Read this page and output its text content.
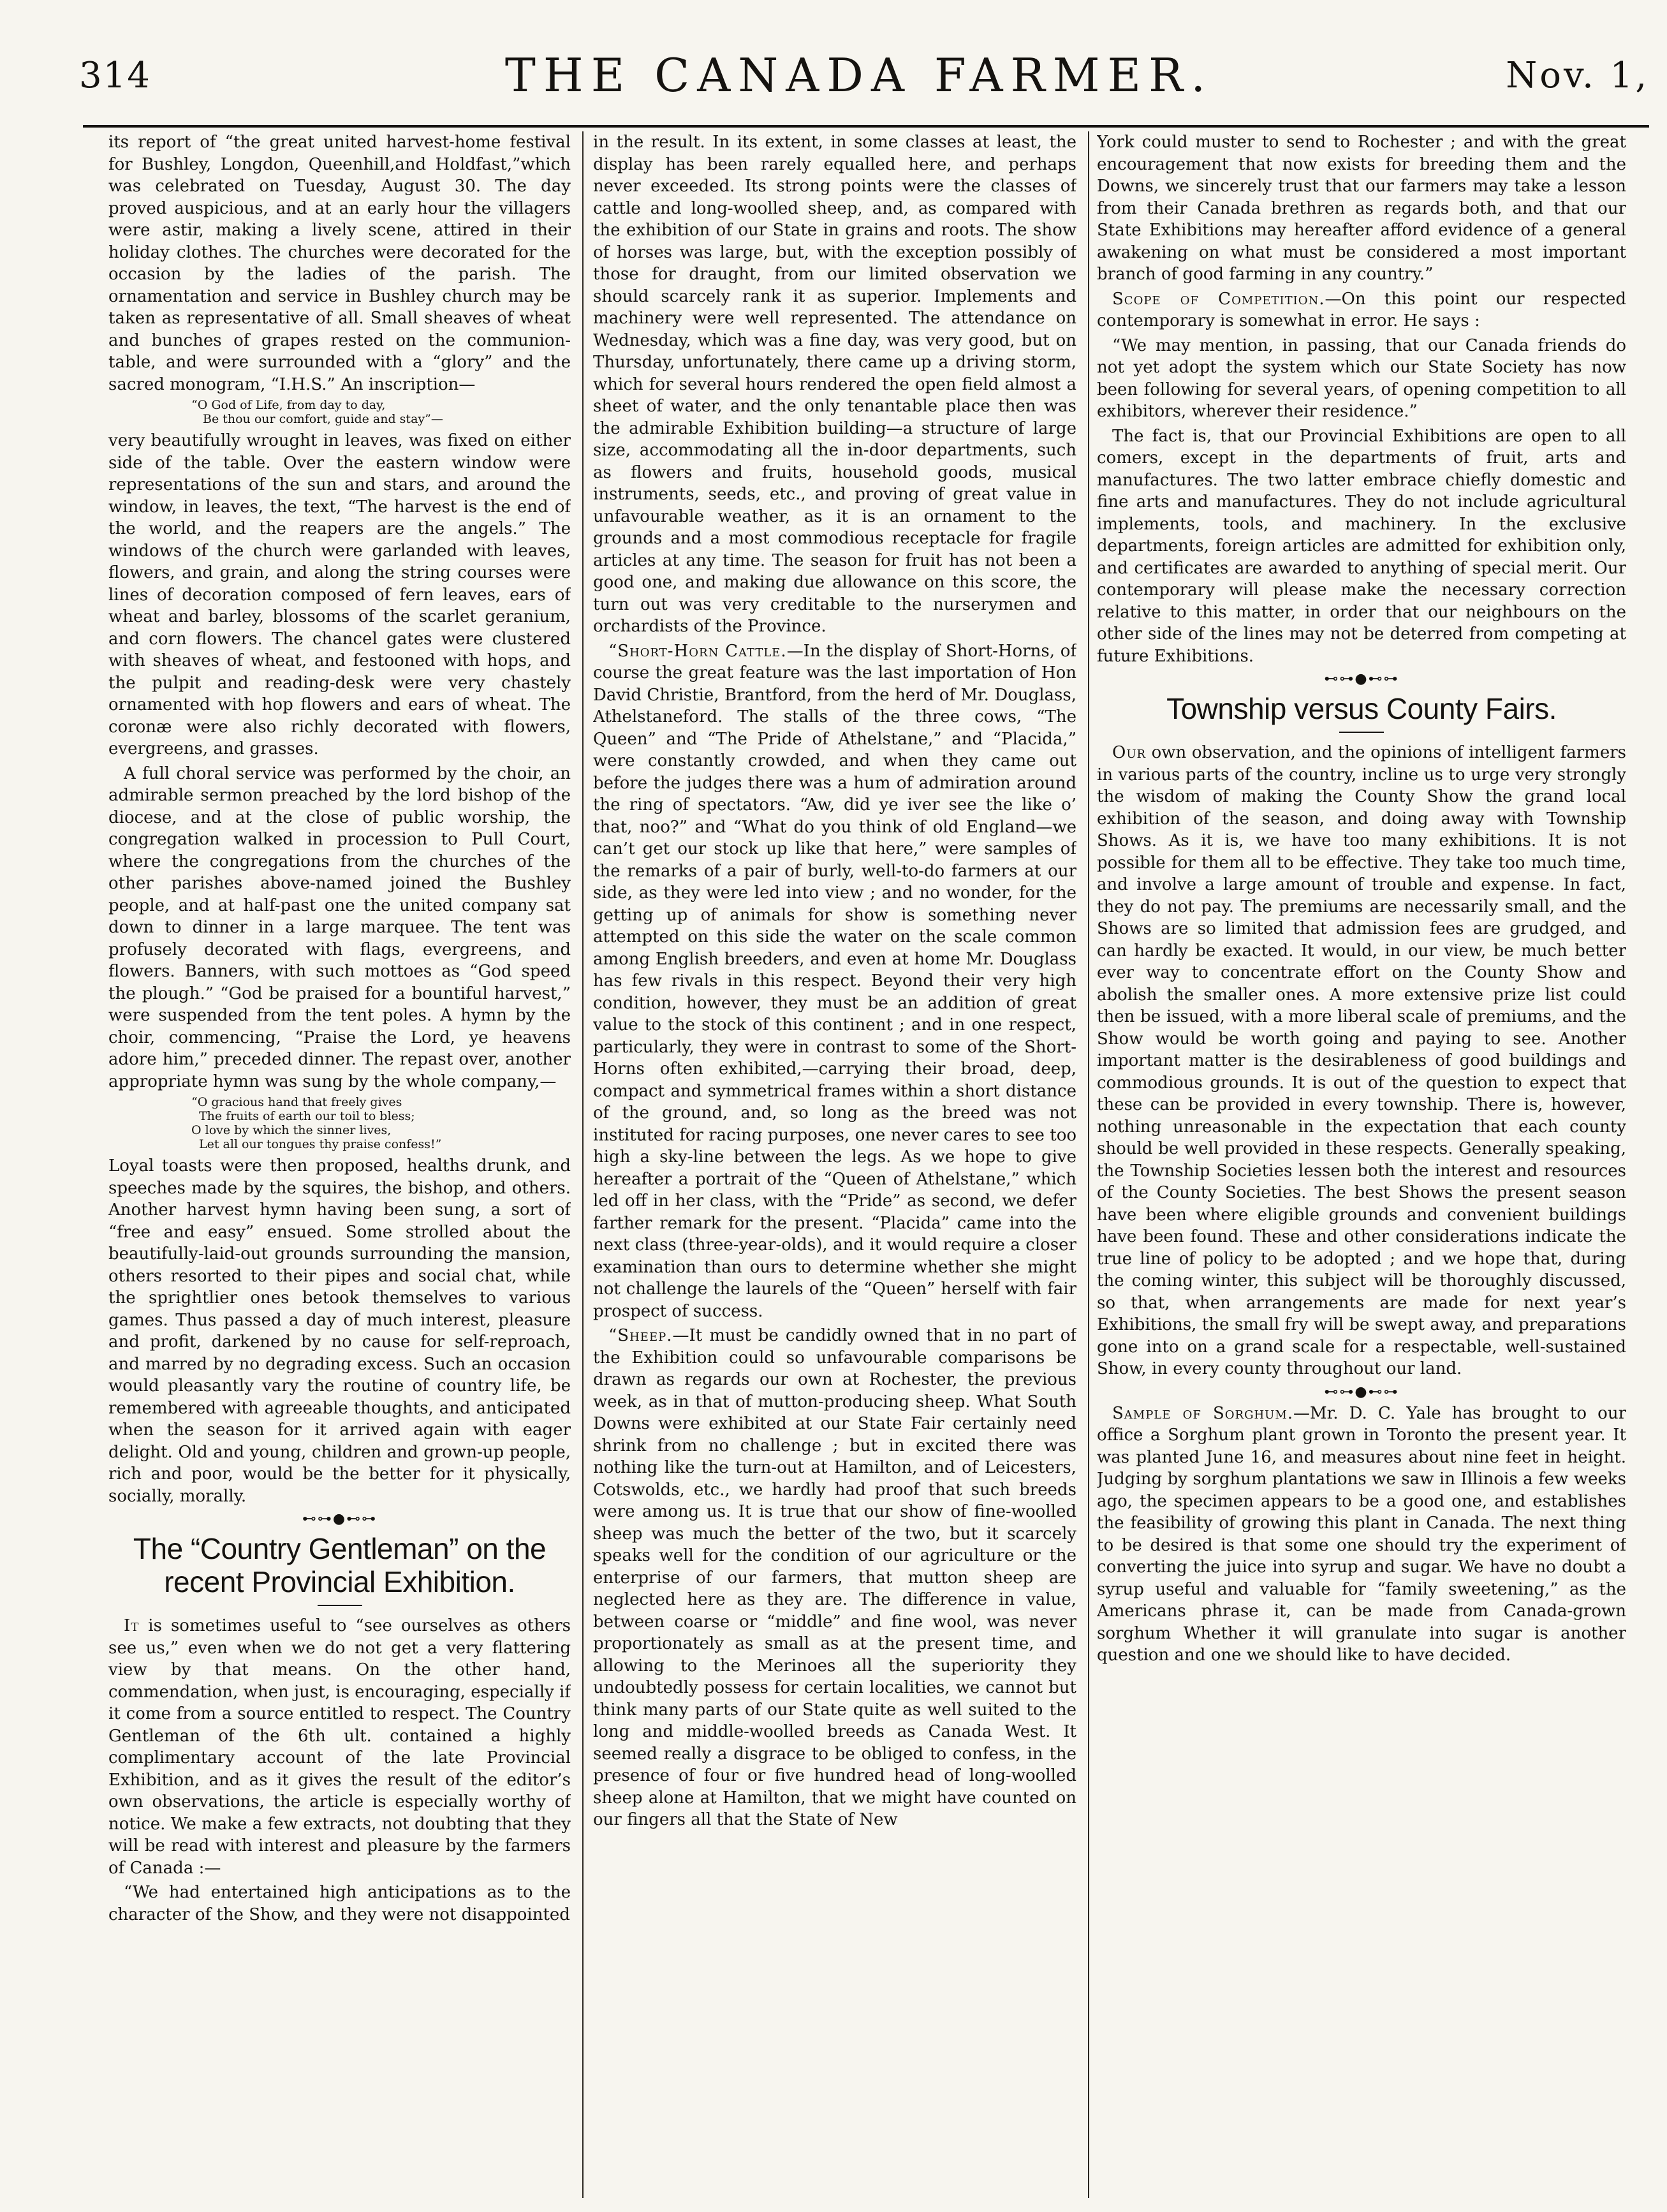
314	THE CANADA FARMER.	Nov. 1,

its report of “the great united harvest-home festival for Bushley, Longdon, Queenhill,and Holdfast,”which was celebrated on Tuesday, August 30. The day proved auspicious, and at an early hour the villagers were astir, making a lively scene, attired in their holiday clothes. The churches were decorated for the occasion by the ladies of the parish. The ornamentation and service in Bushley church may be taken as representative of all. Small sheaves of wheat and bunches of grapes rested on the communion-table, and were surrounded with a “glory” and the sacred monogram, “I.H.S.” An inscription—

“O God of Life, from day to day,
Be thou our comfort, guide and stay”—

very beautifully wrought in leaves, was fixed on either side of the table. Over the eastern window were representations of the sun and stars, and around the window, in leaves, the text, “The harvest is the end of the world, and the reapers are the angels.” The windows of the church were garlanded with leaves, flowers, and grain, and along the string courses were lines of decoration composed of fern leaves, ears of wheat and barley, blossoms of the scarlet geranium, and corn flowers. The chancel gates were clustered with sheaves of wheat, and festooned with hops, and the pulpit and reading-desk were very chastely ornamented with hop flowers and ears of wheat. The coronæ were also richly decorated with flowers, evergreens, and grasses.

A full choral service was performed by the choir, an admirable sermon preached by the lord bishop of the diocese, and at the close of public worship, the congregation walked in procession to Pull Court, where the congregations from the churches of the other parishes above-named joined the Bushley people, and at half-past one the united company sat down to dinner in a large marquee. The tent was profusely decorated with flags, evergreens, and flowers. Banners, with such mottoes as “God speed the plough.” “God be praised for a bountiful harvest,” were suspended from the tent poles. A hymn by the choir, commencing, “Praise the Lord, ye heavens adore him,” preceded dinner. The repast over, another appropriate hymn was sung by the whole company,—

“O gracious hand that freely gives
The fruits of earth our toil to bless;
O love by which the sinner lives,
Let all our tongues thy praise confess!”

Loyal toasts were then proposed, healths drunk, and speeches made by the squires, the bishop, and others. Another harvest hymn having been sung, a sort of “free and easy” ensued. Some strolled about the beautifully-laid-out grounds surrounding the mansion, others resorted to their pipes and social chat, while the sprightlier ones betook themselves to various games. Thus passed a day of much interest, pleasure and profit, darkened by no cause for self-reproach, and marred by no degrading excess. Such an occasion would pleasantly vary the routine of country life, be remembered with agreeable thoughts, and anticipated when the season for it arrived again with eager delight. Old and young, children and grown-up people, rich and poor, would be the better for it physically, socially, morally.

⊷⊶●⊷⊶
The “Country Gentleman” on the recent Provincial Exhibition.

It is sometimes useful to “see ourselves as others see us,” even when we do not get a very flattering view by that means. On the other hand, commendation, when just, is encouraging, especially if it come from a source entitled to respect. The Country Gentleman of the 6th ult. contained a highly complimentary account of the late Provincial Exhibition, and as it gives the result of the editor’s own observations, the article is especially worthy of notice. We make a few extracts, not doubting that they will be read with interest and pleasure by the farmers of Canada :—

“We had entertained high anticipations as to the character of the Show, and they were not disappointed

in the result. In its extent, in some classes at least, the display has been rarely equalled here, and perhaps never exceeded. Its strong points were the classes of cattle and long-woolled sheep, and, as compared with the exhibition of our State in grains and roots. The show of horses was large, but, with the exception possibly of those for draught, from our limited observation we should scarcely rank it as superior. Implements and machinery were well represented. The attendance on Wednesday, which was a fine day, was very good, but on Thursday, unfortunately, there came up a driving storm, which for several hours rendered the open field almost a sheet of water, and the only tenantable place then was the admirable Exhibition building—a structure of large size, accommodating all the in-door departments, such as flowers and fruits, household goods, musical instruments, seeds, etc., and proving of great value in unfavourable weather, as it is an ornament to the grounds and a most commodious receptacle for fragile articles at any time. The season for fruit has not been a good one, and making due allowance on this score, the turn out was very creditable to the nurserymen and orchardists of the Province.

“Short-Horn Cattle.—In the display of Short-Horns, of course the great feature was the last importation of Hon David Christie, Brantford, from the herd of Mr. Douglass, Athelstaneford. The stalls of the three cows, “The Queen” and “The Pride of Athelstane,” and “Placida,” were constantly crowded, and when they came out before the judges there was a hum of admiration around the ring of spectators. “Aw, did ye iver see the like o’ that, noo?” and “What do you think of old England—we can’t get our stock up like that here,” were samples of the remarks of a pair of burly, well-to-do farmers at our side, as they were led into view ; and no wonder, for the getting up of animals for show is something never attempted on this side the water on the scale common among English breeders, and even at home Mr. Douglass has few rivals in this respect. Beyond their very high condition, however, they must be an addition of great value to the stock of this continent ; and in one respect, particularly, they were in contrast to some of the Short-Horns often exhibited,—carrying their broad, deep, compact and symmetrical frames within a short distance of the ground, and, so long as the breed was not instituted for racing purposes, one never cares to see too high a sky-line between the legs. As we hope to give hereafter a portrait of the “Queen of Athelstane,” which led off in her class, with the “Pride” as second, we defer farther remark for the present. “Placida” came into the next class (three-year-olds), and it would require a closer examination than ours to determine whether she might not challenge the laurels of the “Queen” herself with fair prospect of success.

“Sheep.—It must be candidly owned that in no part of the Exhibition could so unfavourable comparisons be drawn as regards our own at Rochester, the previous week, as in that of mutton-producing sheep. What South Downs were exhibited at our State Fair certainly need shrink from no challenge ; but in excited there was nothing like the turn-out at Hamilton, and of Leicesters, Cotswolds, etc., we hardly had proof that such breeds were among us. It is true that our show of fine-woolled sheep was much the better of the two, but it scarcely speaks well for the condition of our agriculture or the enterprise of our farmers, that mutton sheep are neglected here as they are. The difference in value, between coarse or “middle” and fine wool, was never proportionately as small as at the present time, and allowing to the Merinoes all the superiority they undoubtedly possess for certain localities, we cannot but think many parts of our State quite as well suited to the long and middle-woolled breeds as Canada West. It seemed really a disgrace to be obliged to confess, in the presence of four or five hundred head of long-woolled sheep alone at Hamilton, that we might have counted on our fingers all that the State of New

York could muster to send to Rochester ; and with the great encouragement that now exists for breeding them and the Downs, we sincerely trust that our farmers may take a lesson from their Canada brethren as regards both, and that our State Exhibitions may hereafter afford evidence of a general awakening on what must be considered a most important branch of good farming in any country.”

Scope of Competition.—On this point our respected contemporary is somewhat in error. He says :

“We may mention, in passing, that our Canada friends do not yet adopt the system which our State Society has now been following for several years, of opening competition to all exhibitors, wherever their residence.”

The fact is, that our Provincial Exhibitions are open to all comers, except in the departments of fruit, arts and manufactures. The two latter embrace chiefly domestic and fine arts and manufactures. They do not include agricultural implements, tools, and machinery. In the exclusive departments, foreign articles are admitted for exhibition only, and certificates are awarded to anything of special merit. Our contemporary will please make the necessary correction relative to this matter, in order that our neighbours on the other side of the lines may not be deterred from competing at future Exhibitions.

⊷⊶●⊷⊶
Township versus County Fairs.

Our own observation, and the opinions of intelligent farmers in various parts of the country, incline us to urge very strongly the wisdom of making the County Show the grand local exhibition of the season, and doing away with Township Shows. As it is, we have too many exhibitions. It is not possible for them all to be effective. They take too much time, and involve a large amount of trouble and expense. In fact, they do not pay. The premiums are necessarily small, and the Shows are so limited that admission fees are grudged, and can hardly be exacted. It would, in our view, be much better ever way to concentrate effort on the County Show and abolish the smaller ones. A more extensive prize list could then be issued, with a more liberal scale of premiums, and the Show would be worth going and paying to see. Another important matter is the desirableness of good buildings and commodious grounds. It is out of the question to expect that these can be provided in every township. There is, however, nothing unreasonable in the expectation that each county should be well provided in these respects. Generally speaking, the Township Societies lessen both the interest and resources of the County Societies. The best Shows the present season have been where eligible grounds and convenient buildings have been found. These and other considerations indicate the true line of policy to be adopted ; and we hope that, during the coming winter, this subject will be thoroughly discussed, so that, when arrangements are made for next year’s Exhibitions, the small fry will be swept away, and preparations gone into on a grand scale for a respectable, well-sustained Show, in every county throughout our land.

⊷⊶●⊷⊶

Sample of Sorghum.—Mr. D. C. Yale has brought to our office a Sorghum plant grown in Toronto the present year. It was planted June 16, and measures about nine feet in height. Judging by sorghum plantations we saw in Illinois a few weeks ago, the specimen appears to be a good one, and establishes the feasibility of growing this plant in Canada. The next thing to be desired is that some one should try the experiment of converting the juice into syrup and sugar. We have no doubt a syrup useful and valuable for “family sweetening,” as the Americans phrase it, can be made from Canada-grown sorghum Whether it will granulate into sugar is another question and one we should like to have decided.
